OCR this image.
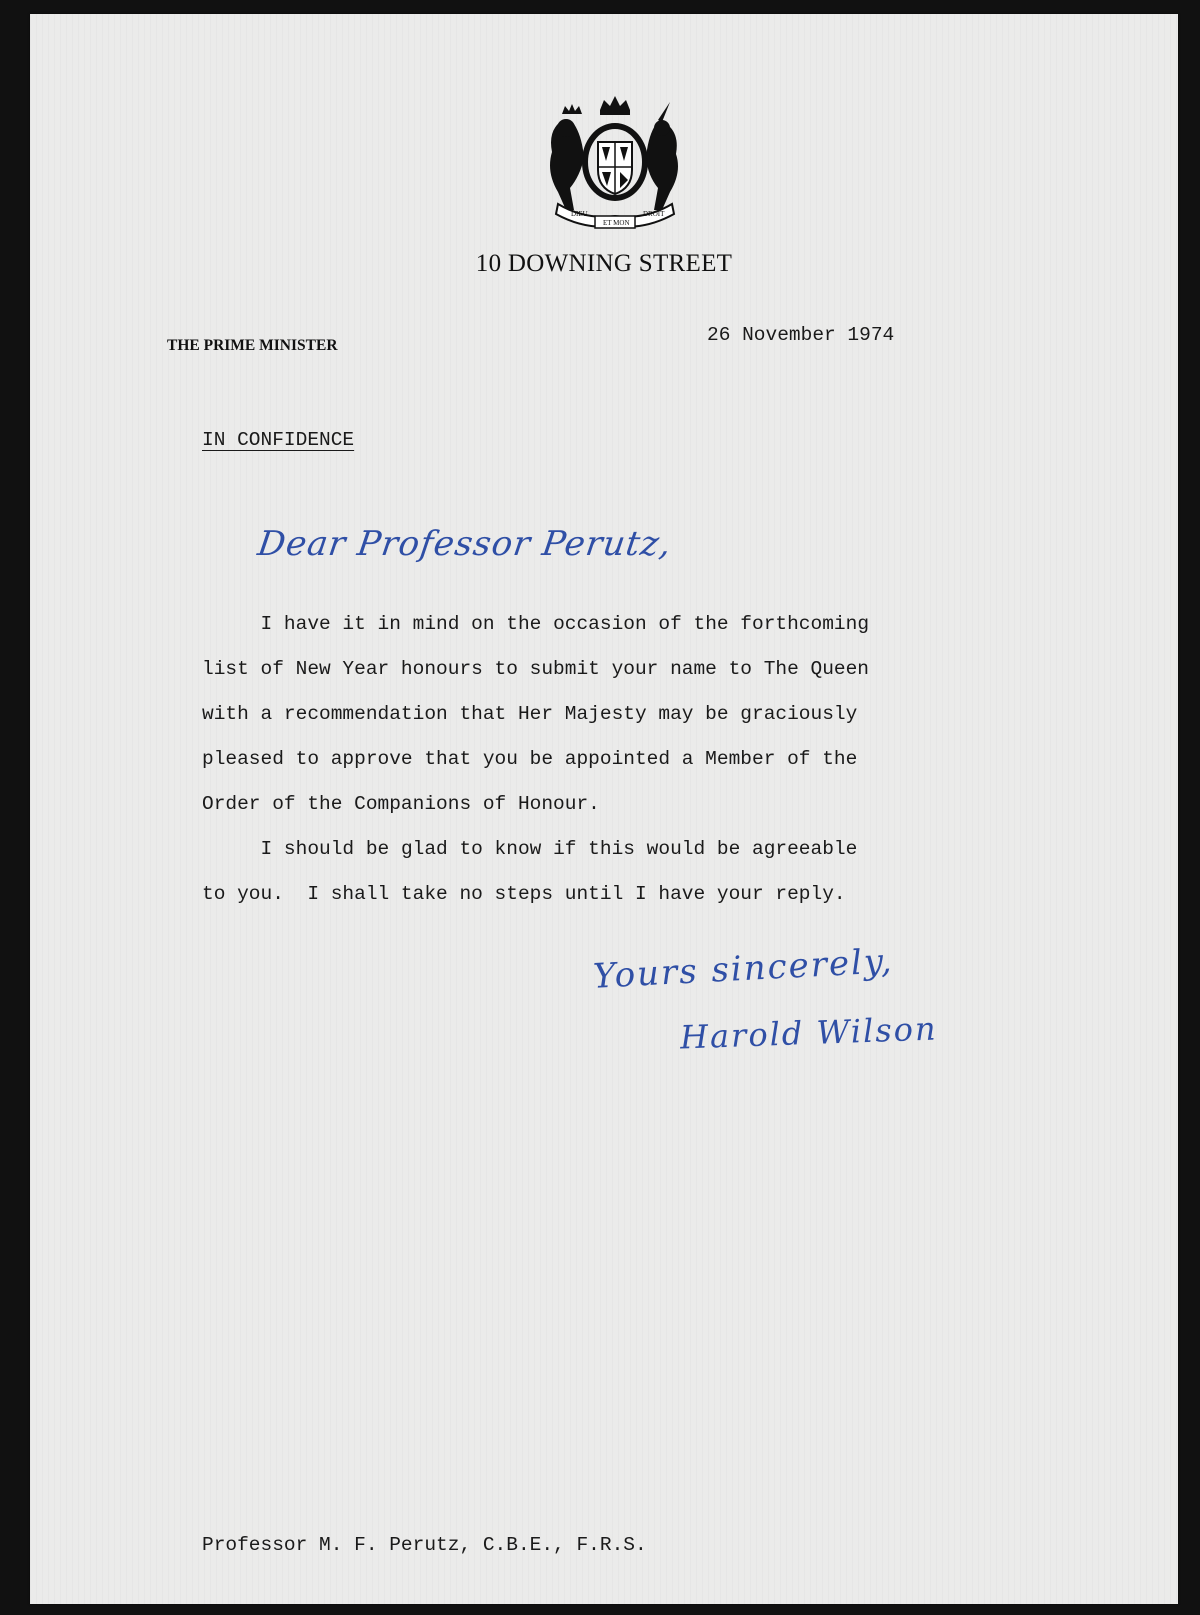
DIEU	DROIT
ET MON
10 DOWNING STREET
THE PRIME MINISTER	26 November 1974
IN CONFIDENCE
Dear Professor Perutz,

I have it in mind on the occasion of the forthcoming
list of New Year honours to submit your name to The Queen
with a recommendation that Her Majesty may be graciously
pleased to approve that you be appointed a Member of the
Order of the Companions of Honour.

I should be glad to know if this would be agreeable
to you.  I shall take no steps until I have your reply.

Yours sincerely,
Harold Wilson
Professor M. F. Perutz, C.B.E., F.R.S.
